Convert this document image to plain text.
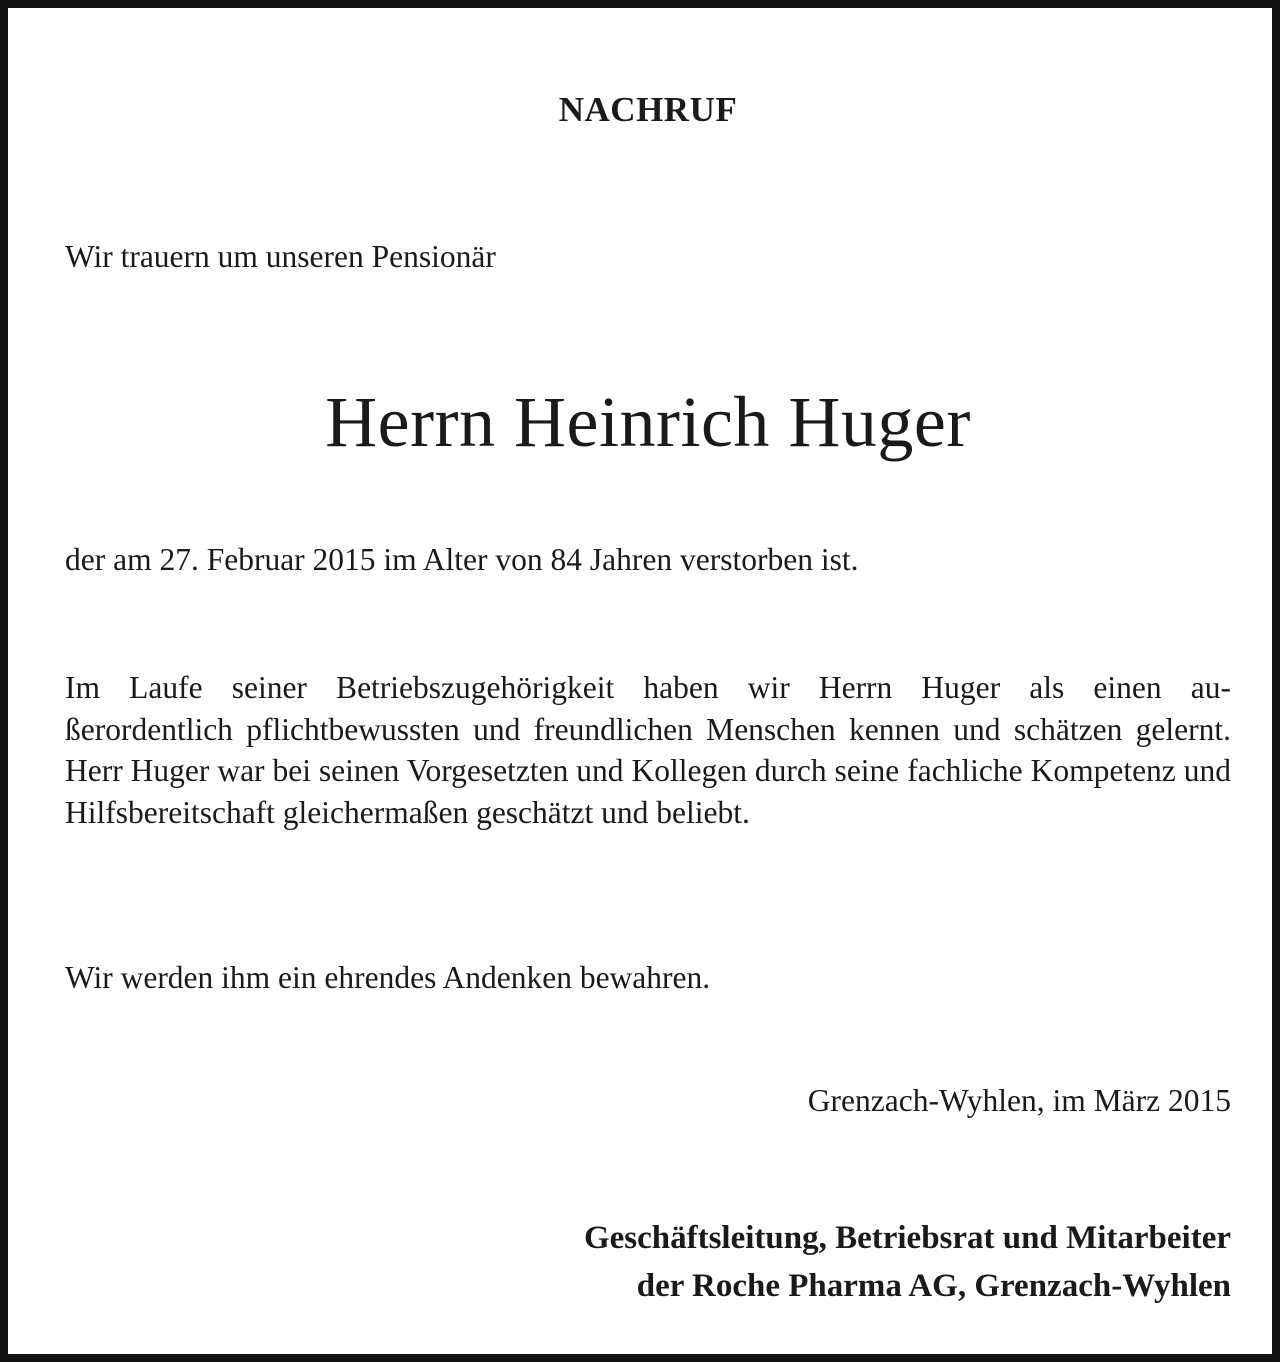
NACHRUF
Wir trauern um unseren Pensionär
Herrn Heinrich Huger
der am 27. Februar 2015 im Alter von 84 Jahren verstorben ist.
Im Laufe seiner Betriebszugehörigkeit haben wir Herrn Huger als einen au-
ßerordentlich pflichtbewussten und freundlichen Menschen kennen und schätzen gelernt. Herr Huger war bei seinen Vorgesetzten und Kollegen durch seine fachliche Kompetenz und Hilfsbereitschaft gleichermaßen geschätzt und beliebt.
Wir werden ihm ein ehrendes Andenken bewahren.
Grenzach-Wyhlen, im März 2015
Geschäftsleitung, Betriebsrat und Mitarbeiter
der Roche Pharma AG, Grenzach-Wyhlen
